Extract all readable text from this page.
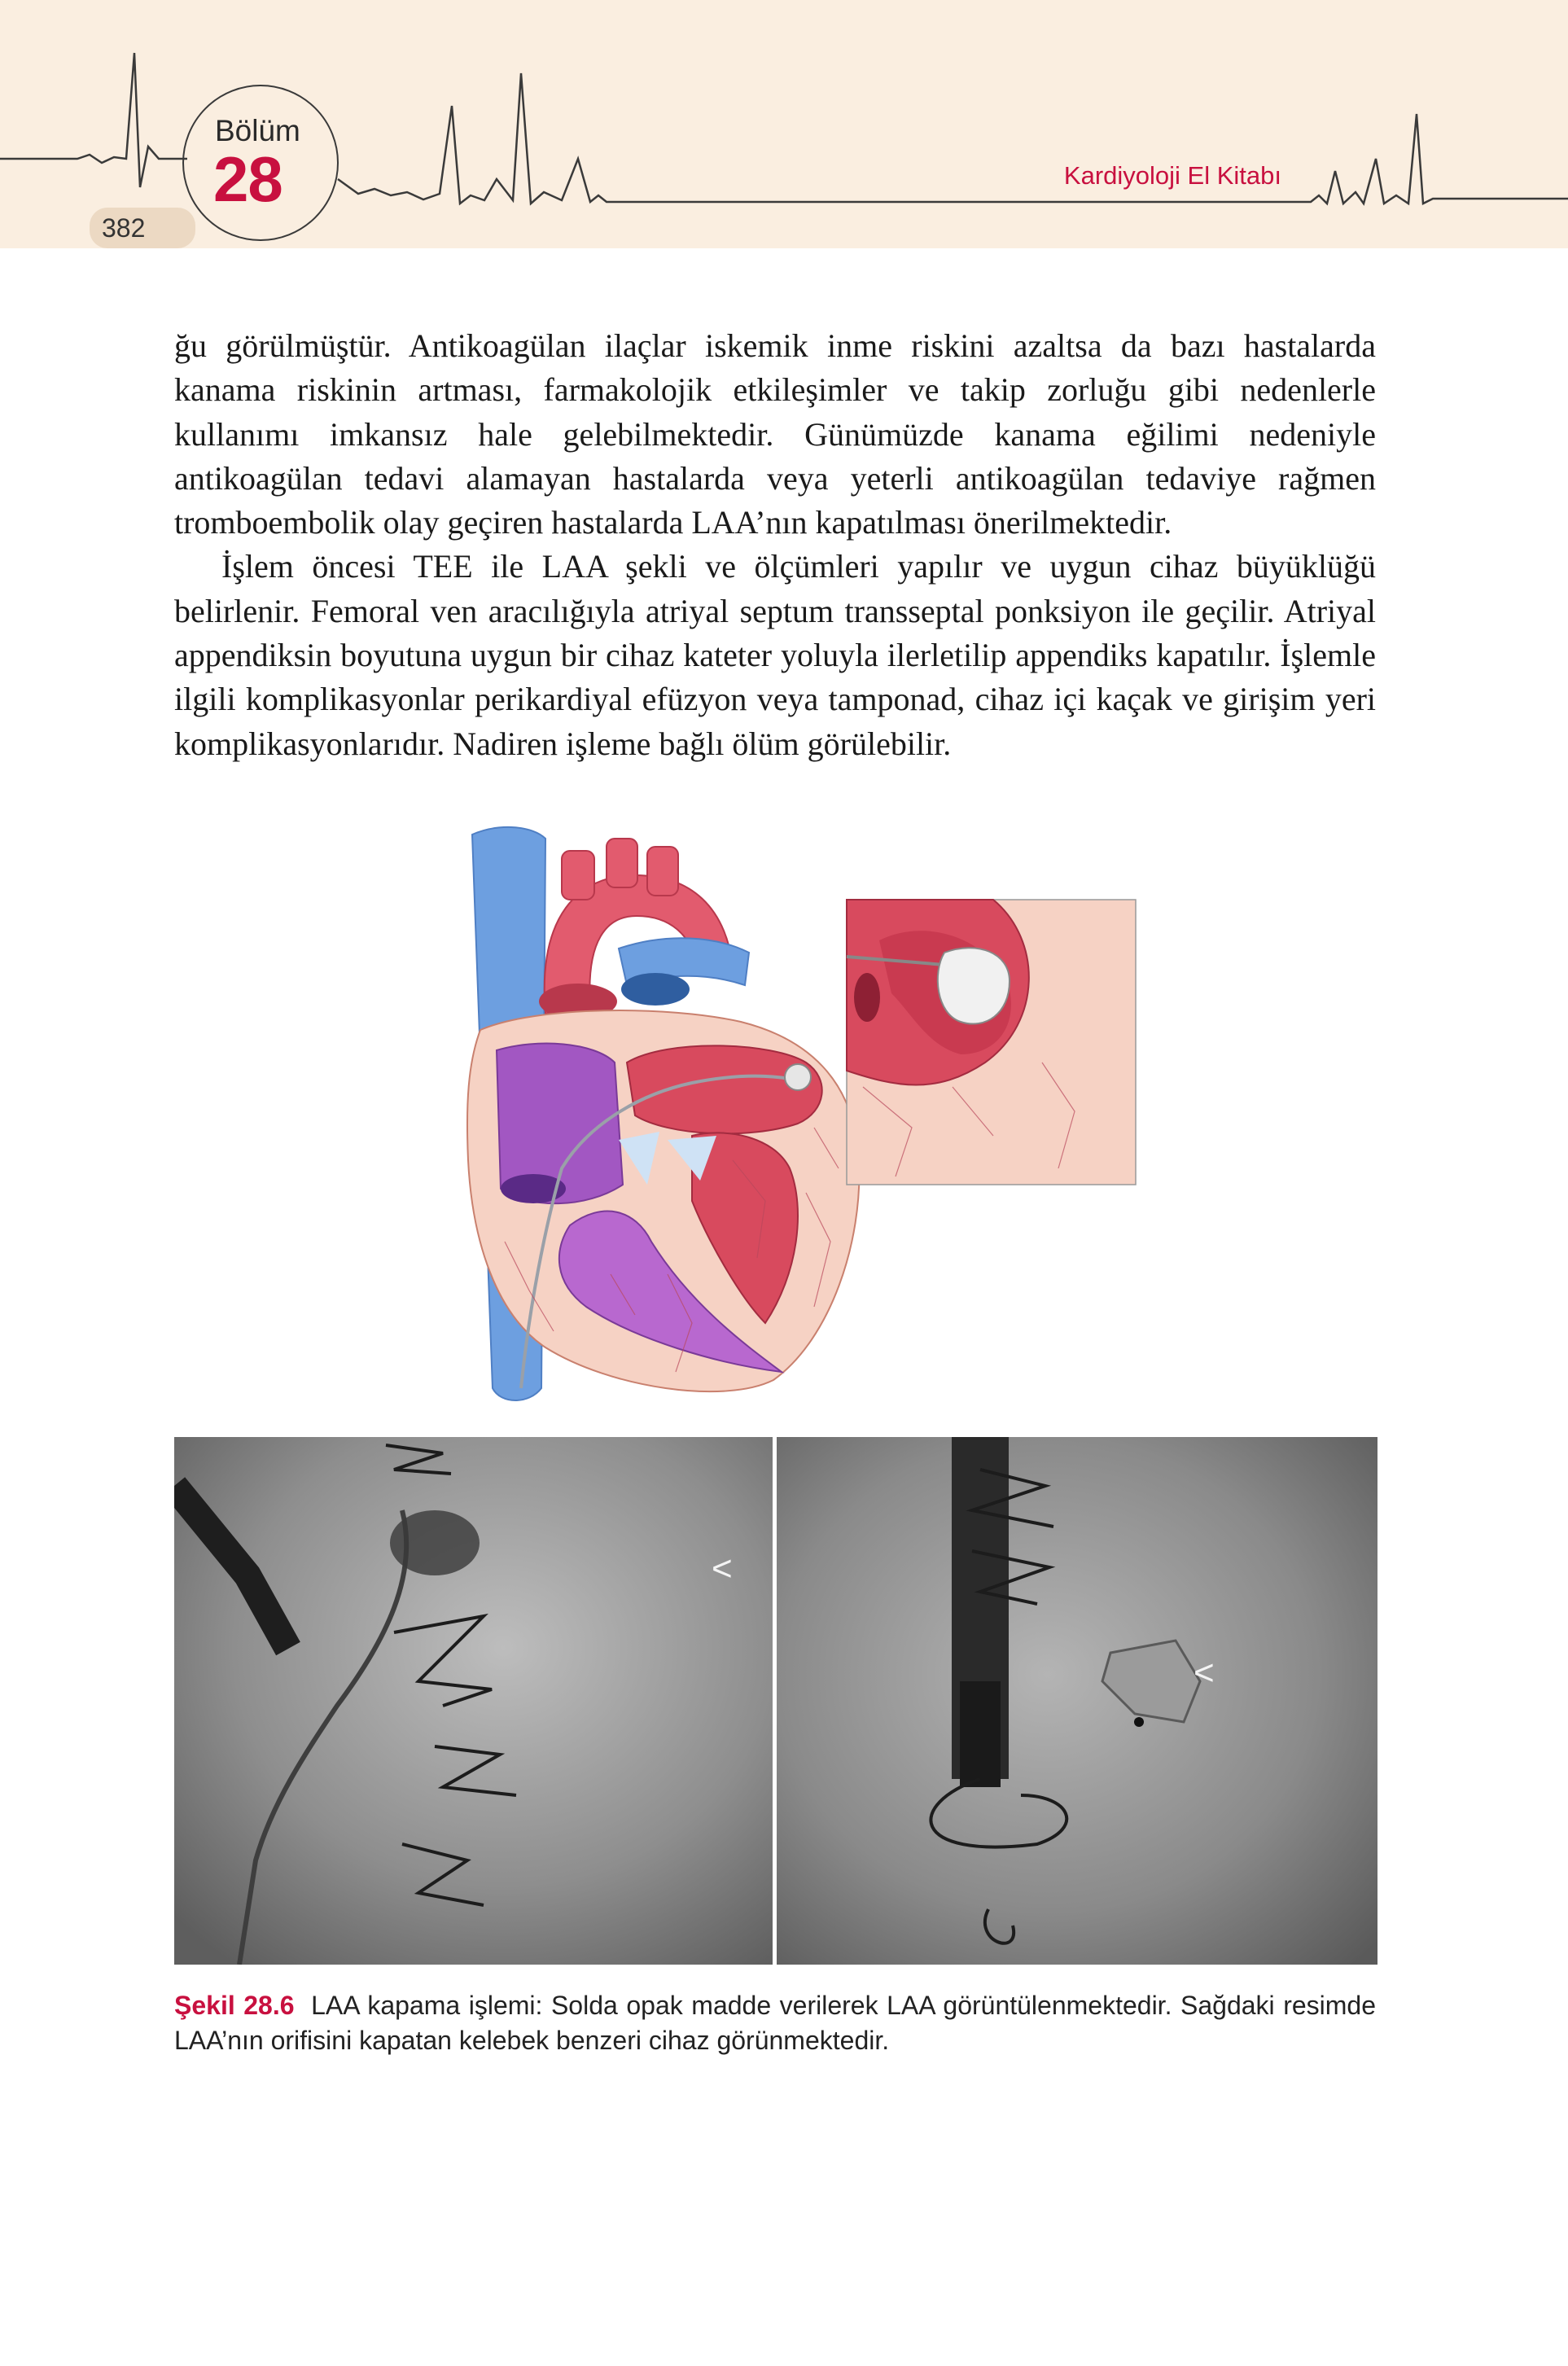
Bölüm
28
382
Kardiyoloji El Kitabı

ğu görülmüştür. Antikoagülan ilaçlar iskemik inme riskini azaltsa da bazı hastalarda kanama riskinin artması, farmakolojik etkileşimler ve takip zorluğu gibi nedenlerle kullanımı imkansız hale gelebilmektedir. Günümüzde kanama eğilimi nedeniyle antikoagülan tedavi alamayan hastalarda veya yeterli antikoagülan tedaviye rağmen tromboembolik olay geçiren hastalarda LAA’nın kapatılması önerilmektedir.

İşlem öncesi TEE ile LAA şekli ve ölçümleri yapılır ve uygun cihaz büyüklüğü belirlenir. Femoral ven aracılığıyla atriyal septum transseptal ponksiyon ile geçilir. Atriyal appendiksin boyutuna uygun bir cihaz kateter yoluyla ilerletilip appendiks kapatılır. İşlemle ilgili komplikasyonlar perikardiyal efüzyon veya tamponad, cihaz içi kaçak ve girişim yeri komplikasyonlarıdır. Nadiren işleme bağlı ölüm görülebilir.

<
<
Şekil 28.6 LAA kapama işlemi: Solda opak madde verilerek LAA görüntülenmektedir. Sağdaki resimde LAA’nın orifisini kapatan kelebek benzeri cihaz görünmektedir.
